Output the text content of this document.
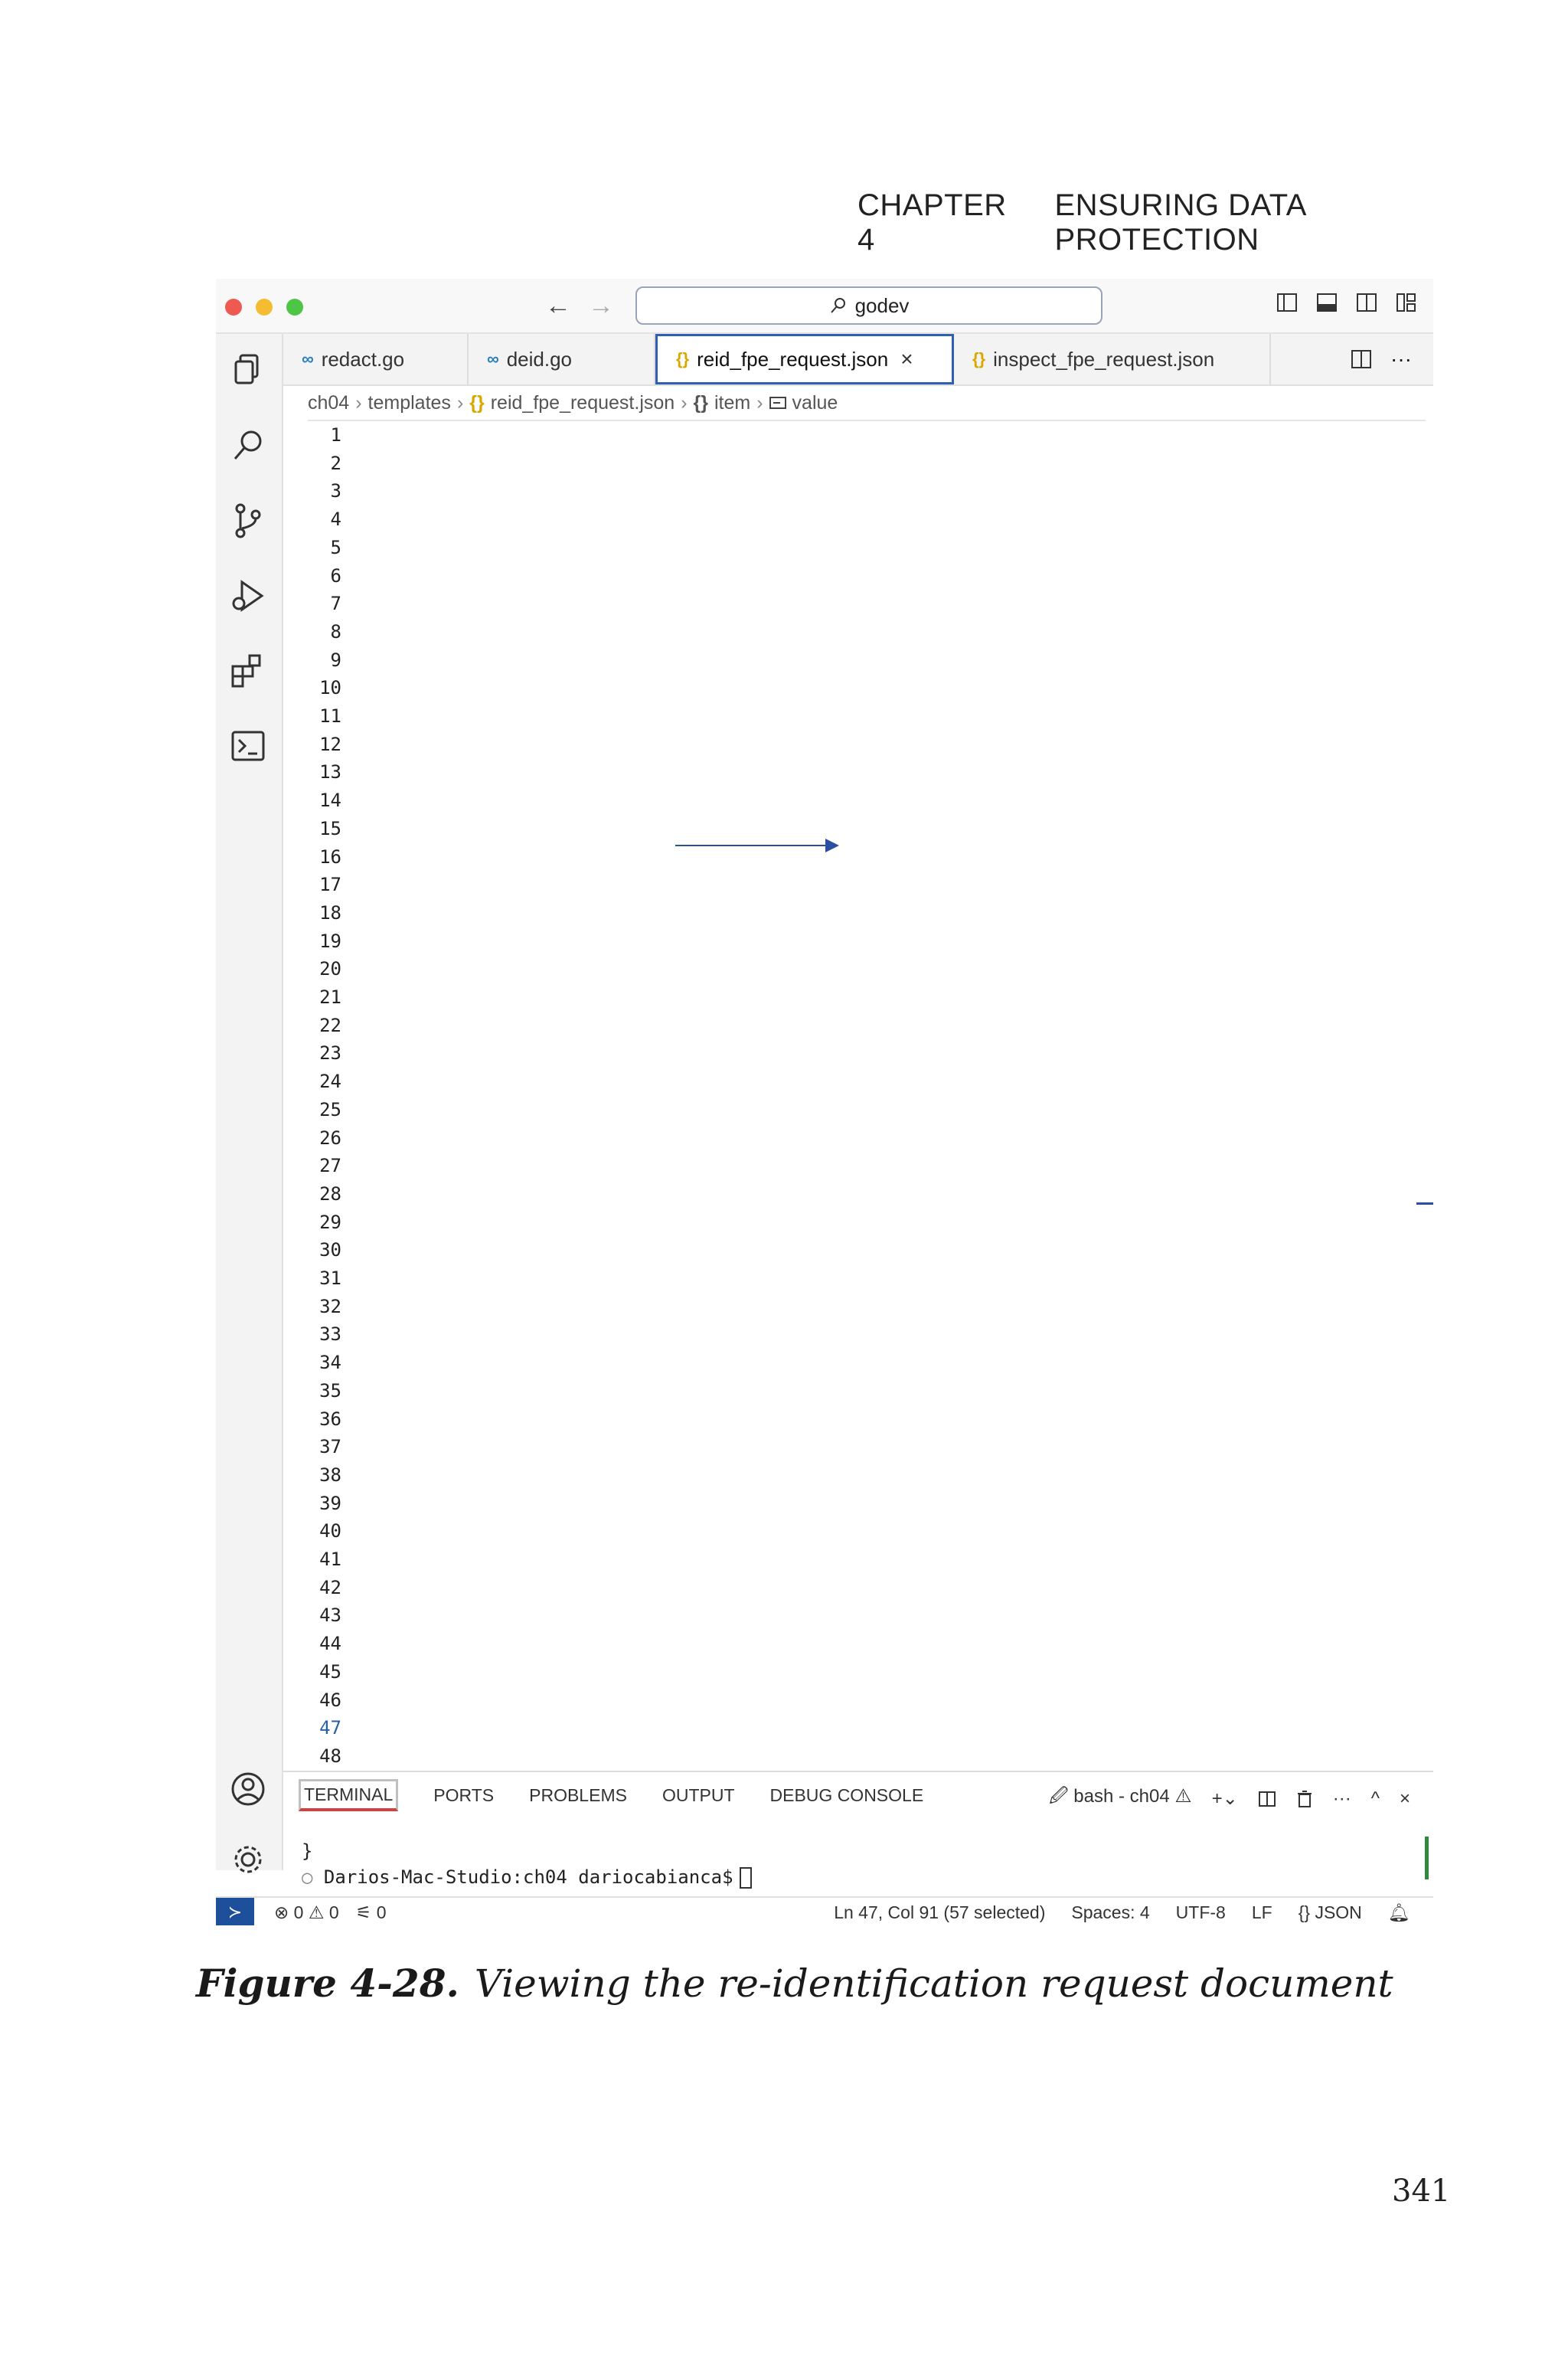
CHAPTER 4
ENSURING DATA PROTECTION
← →	godev
∞ redact.go	∞ deid.go	{} reid_fpe_request.json ×	{} inspect_fpe_request.json	···
ch04 › templates › {} reid_fpe_request.json › {} item › value
1
2
3
4
5
6
7
8
9
10
11
12
13
14
15
16
17
18
19
20
21
22
23
24
25
26
27
28
29
30
31
32
33
34
35
36
37
38
39
40
41
42
43
44
45
46
47
48

TERMINAL	PORTS PROBLEMS OUTPUT DEBUG CONSOLE	🖉 bash - ch04 ⚠ +⌄	··· ^ ×
}
○ Darios-Mac-Studio:ch04 dariocabianca$
≻	⊗ 0 ⚠ 0 ⚟ 0	Ln 47, Col 91 (57 selected) Spaces: 4 UTF-8 LF {} JSON 🔔︎
Figure 4-28. Viewing the re-identification request document
341
